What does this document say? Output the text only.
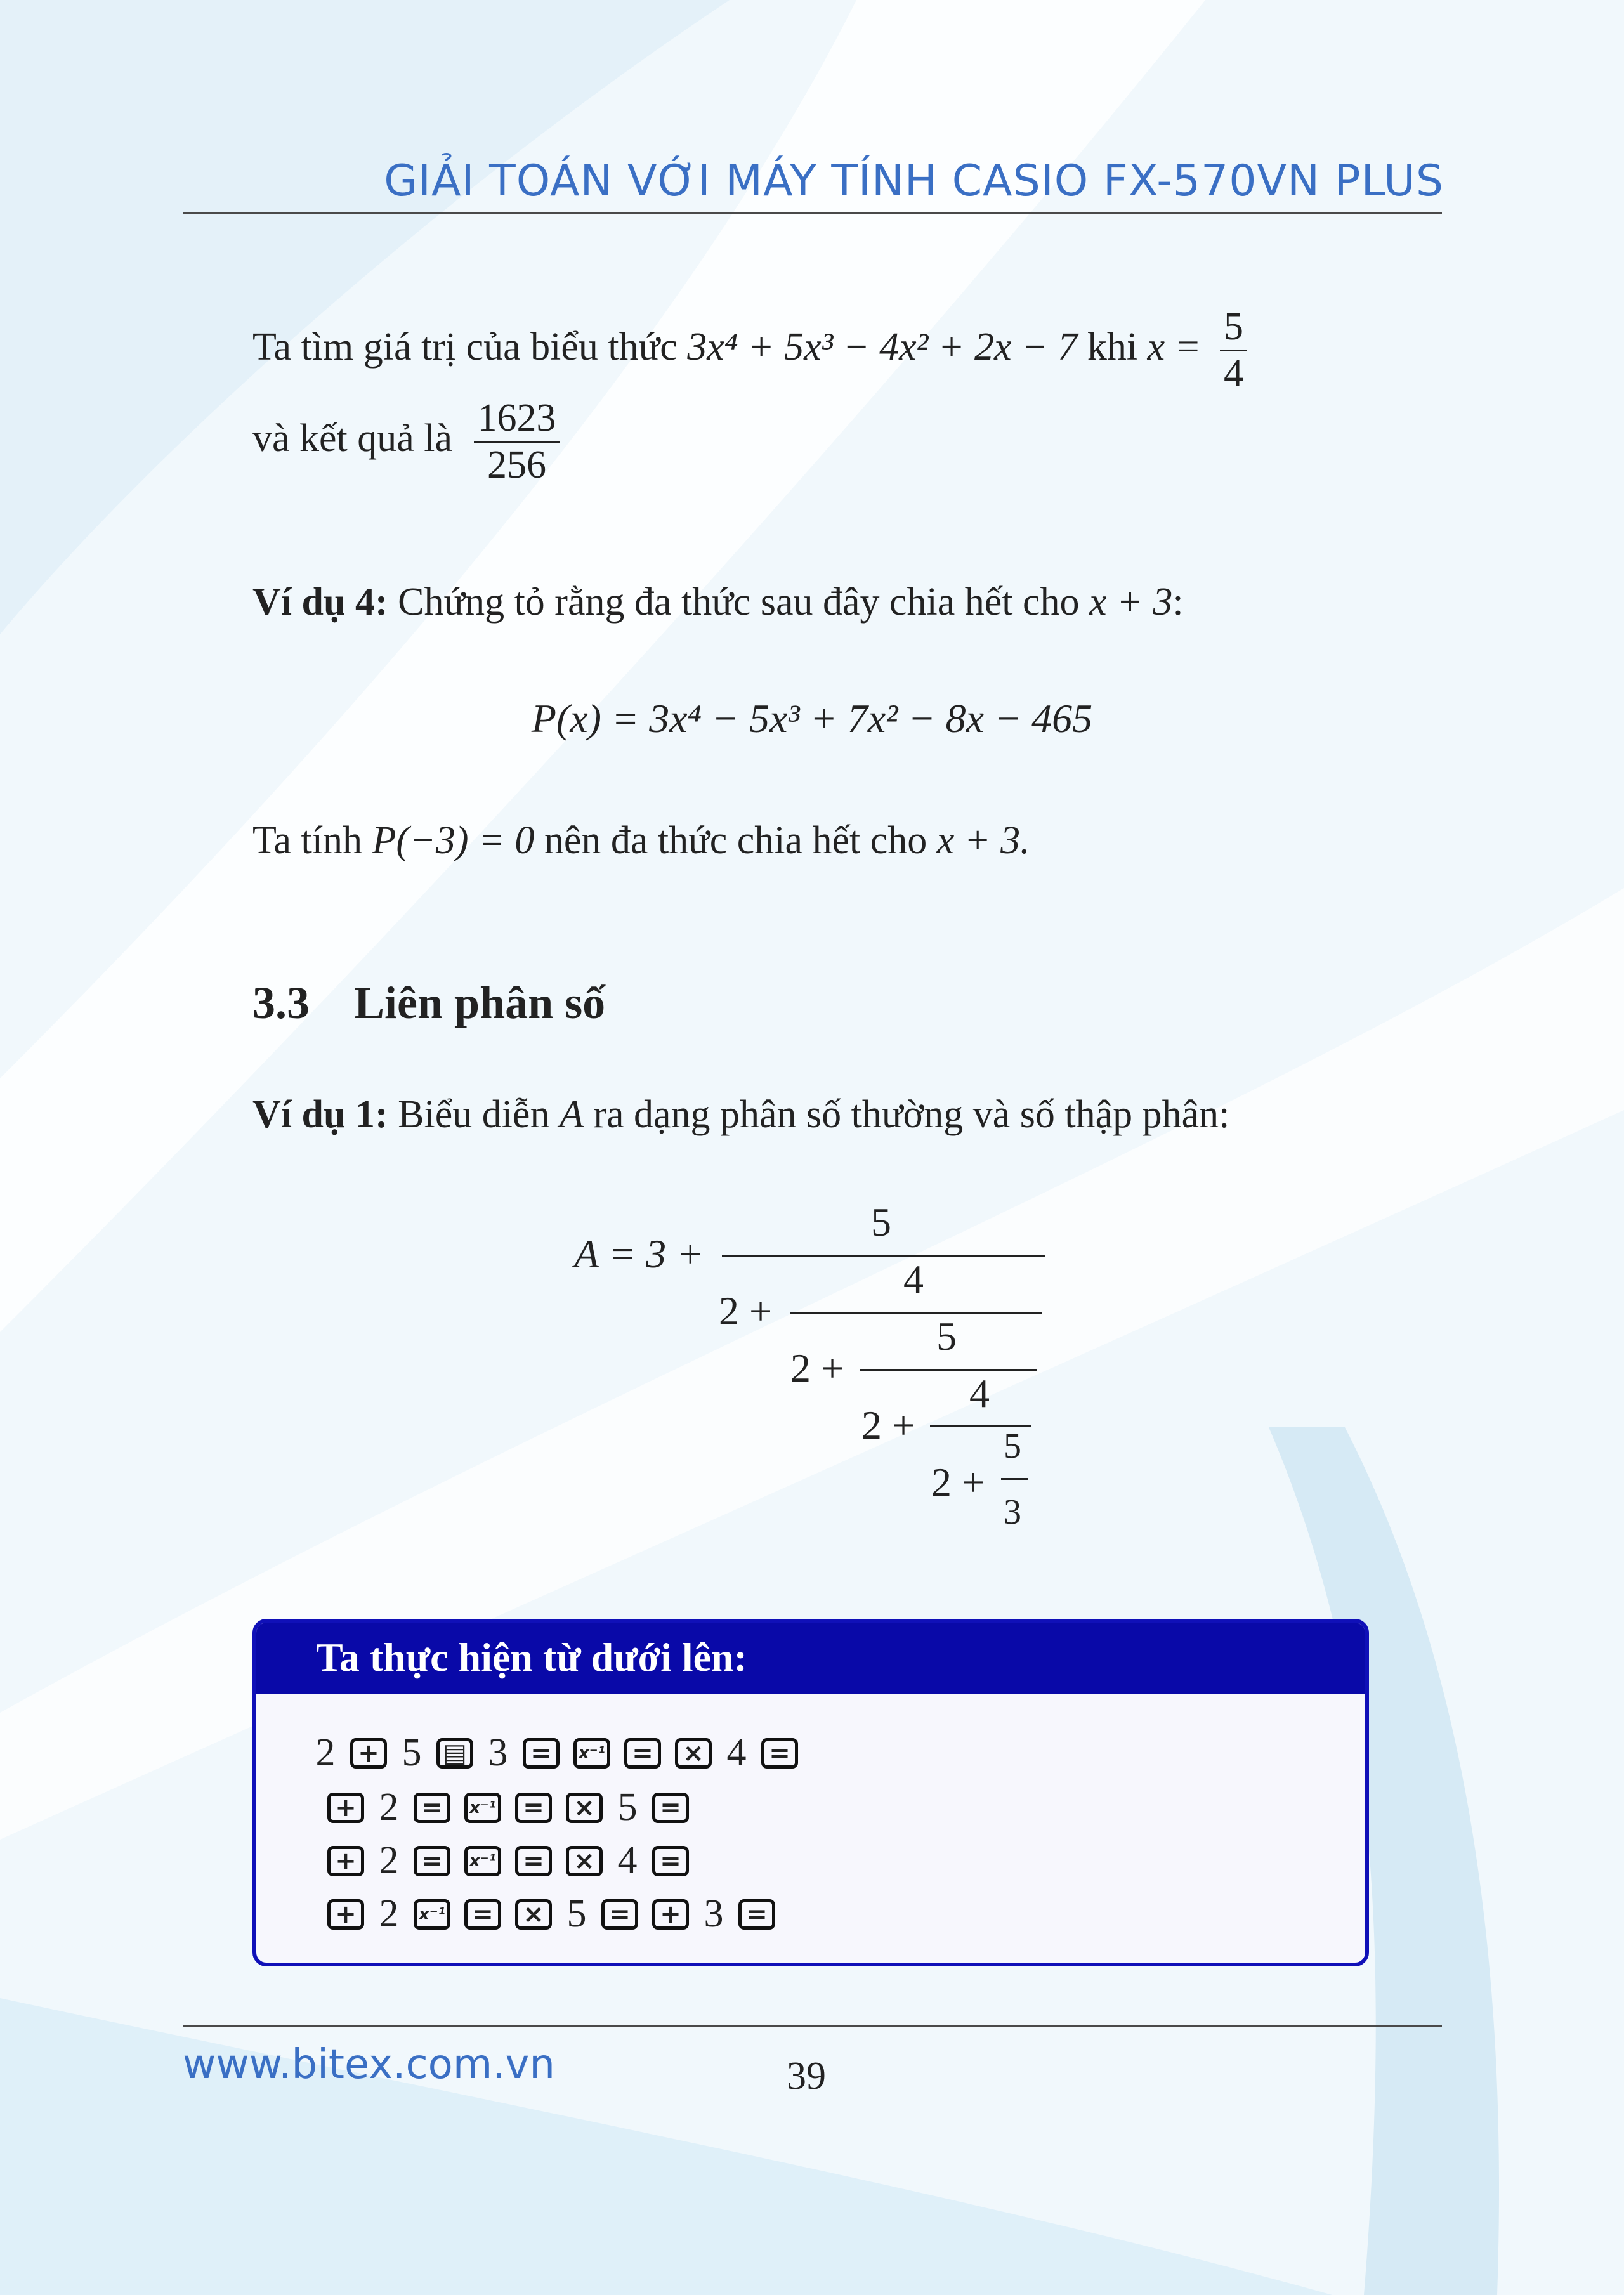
GIẢI TOÁN VỚI MÁY TÍNH CASIO FX-570VN PLUS
Ta tìm giá trị của biểu thức 3x⁴ + 5x³ − 4x² + 2x − 7 khi $x = \frac{5}{4}$
và kết quả là $\frac{1623}{256}$
Ví dụ 4: Chứng tỏ rằng đa thức sau đây chia hết cho x + 3:
P(x) = 3x⁴ − 5x³ + 7x² − 8x − 465
Ta tính P(−3) = 0 nên đa thức chia hết cho x + 3.
3.3 Liên phân số
Ví dụ 1: Biểu diễn A ra dạng phân số thường và số thập phân:
A = 3 +
5
2 +
4
2 +
5
2 +
4
2 +
5
3
Ta thực hiện từ dưới lên:
2 + 5 ▤ 3 =	x⁻¹	=	× 4 =
+ 2 =	x⁻¹	=	× 5 =
+ 2 =	x⁻¹	=	× 4 =
+ 2	x⁻¹	=	× 5 =	+ 3 =
www.bitex.com.vn	39
